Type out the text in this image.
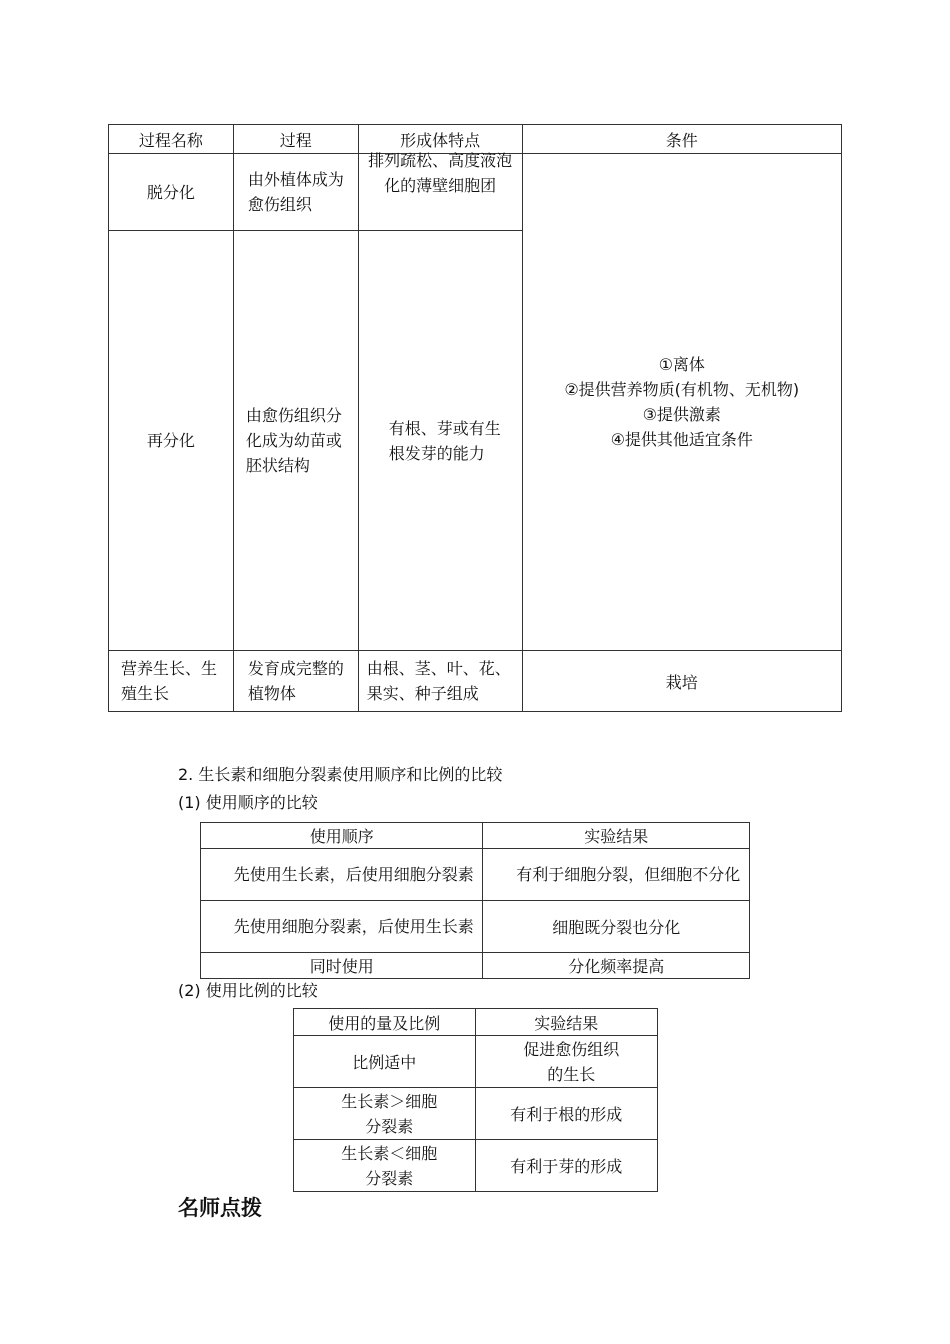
过程名称	过程	形成体特点	条件

脱分化	由外植体成为愈伤组织	排列疏松、高度液泡化的薄壁细胞团	①离体
②提供营养物质(有机物、无机物)
③提供激素
④提供其他适宜条件

再分化	由愈伤组织分化成为幼苗或胚状结构	有根、芽或有生根发芽的能力	

营养生长、生殖生长	发育成完整的植物体	由根、茎、叶、花、果实、种子组成	栽培
2. 生长素和细胞分裂素使用顺序和比例的比较
(1) 使用顺序的比较
使用顺序	实验结果

先使用生长素，后使用细胞分裂素	有利于细胞分裂，但细胞不分化

先使用细胞分裂素，后使用生长素	细胞既分裂也分化
同时使用	分化频率提高
(2) 使用比例的比较
使用的量及比例	实验结果
比例适中	促进愈伤组织的生长

生长素＞细胞分裂素	有利于根的形成

生长素＜细胞分裂素	有利于芽的形成
名师点拨
